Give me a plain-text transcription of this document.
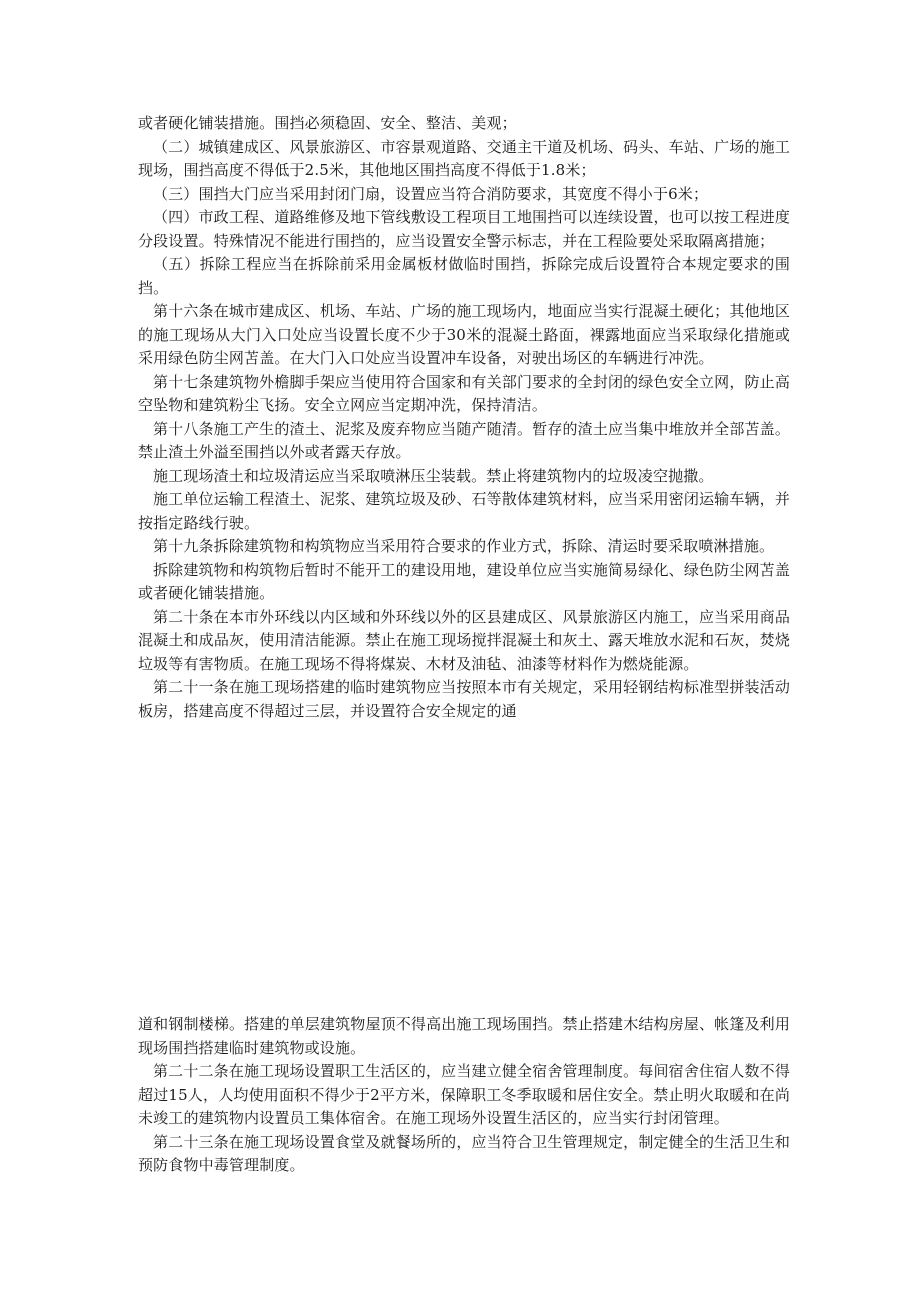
或者硬化铺装措施。围挡必须稳固、安全、整洁、美观；

（二）城镇建成区、风景旅游区、市容景观道路、交通主干道及机场、码头、车站、广场的施工现场，围挡高度不得低于2.5米，其他地区围挡高度不得低于1.8米；

（三）围挡大门应当采用封闭门扇，设置应当符合消防要求，其宽度不得小于6米；

（四）市政工程、道路维修及地下管线敷设工程项目工地围挡可以连续设置，也可以按工程进度分段设置。特殊情况不能进行围挡的，应当设置安全警示标志，并在工程险要处采取隔离措施；

（五）拆除工程应当在拆除前采用金属板材做临时围挡，拆除完成后设置符合本规定要求的围挡。

第十六条在城市建成区、机场、车站、广场的施工现场内，地面应当实行混凝土硬化；其他地区的施工现场从大门入口处应当设置长度不少于30米的混凝土路面，裸露地面应当采取绿化措施或采用绿色防尘网苫盖。在大门入口处应当设置冲车设备，对驶出场区的车辆进行冲洗。

第十七条建筑物外檐脚手架应当使用符合国家和有关部门要求的全封闭的绿色安全立网，防止高空坠物和建筑粉尘飞扬。安全立网应当定期冲洗，保持清洁。

第十八条施工产生的渣土、泥浆及废弃物应当随产随清。暂存的渣土应当集中堆放并全部苫盖。禁止渣土外溢至围挡以外或者露天存放。

施工现场渣土和垃圾清运应当采取喷淋压尘装载。禁止将建筑物内的垃圾凌空抛撒。

施工单位运输工程渣土、泥浆、建筑垃圾及砂、石等散体建筑材料，应当采用密闭运输车辆，并按指定路线行驶。

第十九条拆除建筑物和构筑物应当采用符合要求的作业方式，拆除、清运时要采取喷淋措施。

拆除建筑物和构筑物后暂时不能开工的建设用地，建设单位应当实施简易绿化、绿色防尘网苫盖或者硬化铺装措施。

第二十条在本市外环线以内区域和外环线以外的区县建成区、风景旅游区内施工，应当采用商品混凝土和成品灰，使用清洁能源。禁止在施工现场搅拌混凝土和灰土、露天堆放水泥和石灰，焚烧垃圾等有害物质。在施工现场不得将煤炭、木材及油毡、油漆等材料作为燃烧能源。

第二十一条在施工现场搭建的临时建筑物应当按照本市有关规定，采用轻钢结构标准型拼装活动板房，搭建高度不得超过三层，并设置符合安全规定的通

道和钢制楼梯。搭建的单层建筑物屋顶不得高出施工现场围挡。禁止搭建木结构房屋、帐篷及利用现场围挡搭建临时建筑物或设施。

第二十二条在施工现场设置职工生活区的，应当建立健全宿舍管理制度。每间宿舍住宿人数不得超过15人，人均使用面积不得少于2平方米，保障职工冬季取暖和居住安全。禁止明火取暖和在尚未竣工的建筑物内设置员工集体宿舍。在施工现场外设置生活区的，应当实行封闭管理。

第二十三条在施工现场设置食堂及就餐场所的，应当符合卫生管理规定，制定健全的生活卫生和预防食物中毒管理制度。
